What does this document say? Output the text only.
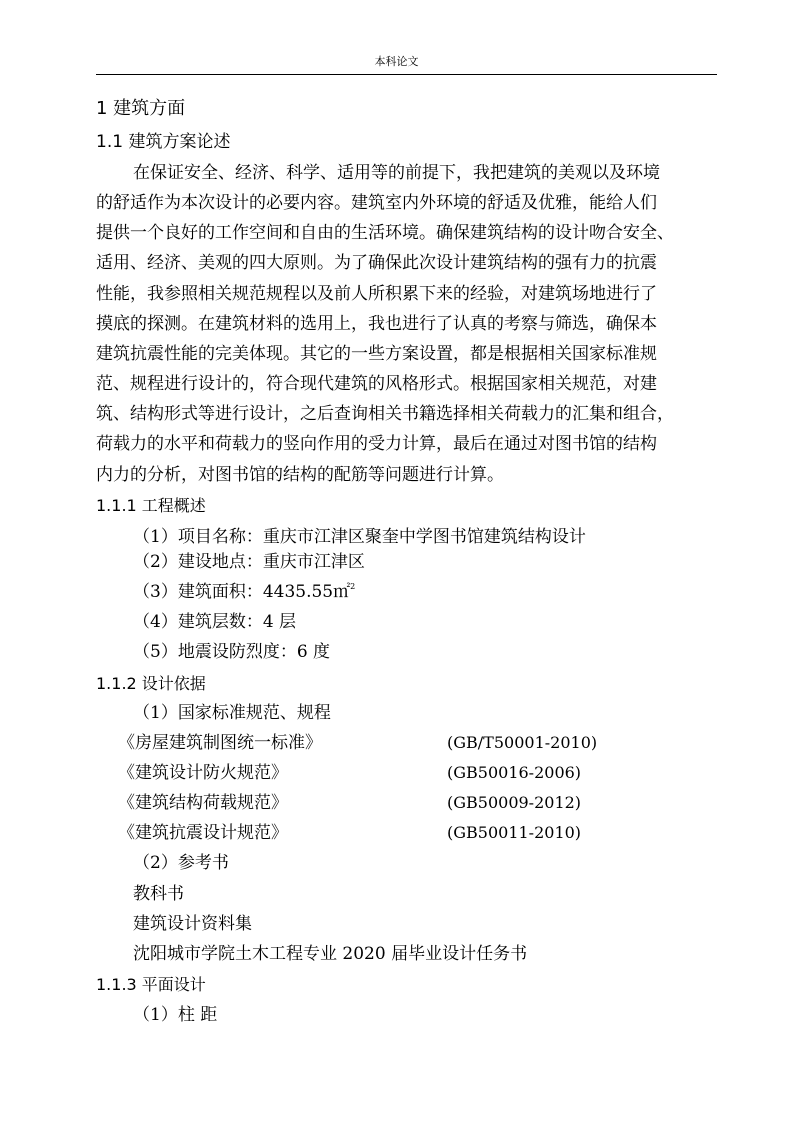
本科论文
1 建筑方面
1.1 建筑方案论述
在保证安全、经济、科学、适用等的前提下，我把建筑的美观以及环境
的舒适作为本次设计的必要内容。建筑室内外环境的舒适及优雅，能给人们
提供一个良好的工作空间和自由的生活环境。确保建筑结构的设计吻合安全、
适用、经济、美观的四大原则。为了确保此次设计建筑结构的强有力的抗震
性能，我参照相关规范规程以及前人所积累下来的经验，对建筑场地进行了
摸底的探测。在建筑材料的选用上，我也进行了认真的考察与筛选，确保本
建筑抗震性能的完美体现。其它的一些方案设置，都是根据相关国家标准规
范、规程进行设计的，符合现代建筑的风格形式。根据国家相关规范，对建
筑、结构形式等进行设计，之后查询相关书籍选择相关荷载力的汇集和组合，
荷载力的水平和荷载力的竖向作用的受力计算，最后在通过对图书馆的结构
内力的分析，对图书馆的结构的配筋等问题进行计算。
1.1.1 工程概述
（1）项目名称：重庆市江津区聚奎中学图书馆建筑结构设计
（2）建设地点：重庆市江津区
（3）建筑面积：4435.55㎡$^2$
（4）建筑层数：4 层
（5）地震设防烈度：6 度
1.1.2 设计依据
（1）国家标准规范、规程
《房屋建筑制图统一标准》	(GB/T50001-2010)
《建筑设计防火规范》	(GB50016-2006)
《建筑结构荷载规范》	(GB50009-2012)
《建筑抗震设计规范》	(GB50011-2010)
（2）参考书
教科书
建筑设计资料集
沈阳城市学院土木工程专业 2020 届毕业设计任务书
1.1.3 平面设计
（1）柱 距
